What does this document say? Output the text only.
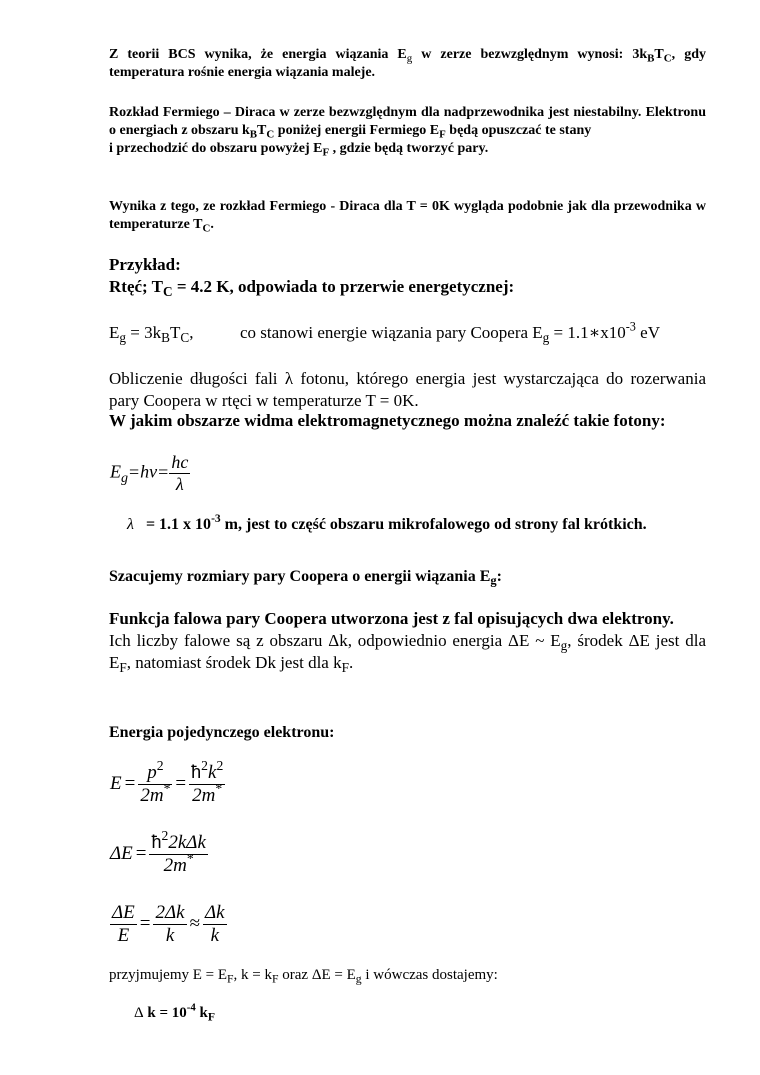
Z teorii BCS wynika, że energia wiązania $E_g$ w zerze bezwzględnym wynosi: $3k_BT_C$, gdy temperatura rośnie energia wiązania maleje.

Rozkład Fermiego – Diraca w zerze bezwzględnym dla nadprzewodnika jest niestabilny. Elektronu o energiach z obszaru $k_BT_C$ poniżej energii Fermiego $E_F$ będą opuszczać te stany
i przechodzić do obszaru powyżej $E_F$ , gdzie będą tworzyć pary.

Wynika z tego, ze rozkład Fermiego - Diraca dla T = 0K wygląda podobnie jak dla przewodnika w temperaturze $T_C$.

Przykład:
Rtęć; $T_C = 4.2$ K, odpowiada to przerwie energetycznej:
$E_g = 3k_BT_C$,	co stanowi energie wiązania pary Coopera $E_g$ = $1.1∗x10^{-3}$ eV

Obliczenie długości fali λ fotonu, którego energia jest wystarczająca do rozerwania pary Coopera w rtęci w temperaturze T = 0K.

W jakim obszarze widma elektromagnetycznego można znaleźć takie fotony:
$E_g=h\nu= \frac{hc}{\lambda}$
λ = 1.1 x $10^{-3}$ m, jest to część obszaru mikrofalowego od strony fal krótkich.
Szacujemy rozmiary pary Coopera o energii wiązania $E_g$:
Funkcja falowa pary Coopera utworzona jest z fal opisujących dwa elektrony.
Ich liczby falowe są z obszaru Δk, odpowiednio energia ΔE ~ $E_g$, środek ΔE jest dla $E_F$, natomiast środek Dk jest dla $k_F$.
Energia pojedynczego elektronu:
$E = \frac{p^2}{2m^*} = \frac{ћ^2k^2}{2m^*}$
$\Delta E = \frac{ћ^22k\Delta k}{2m^*}$
$\frac{\Delta E}{E} = \frac{2\Delta k}{k} \approx \frac{\Delta k}{k}$
przyjmujemy $E = E_F$, $k = k_F$ oraz $\Delta E = E_g$ i wówczas dostajemy:
Δ $k = 10^{-4}$ $k_F$
